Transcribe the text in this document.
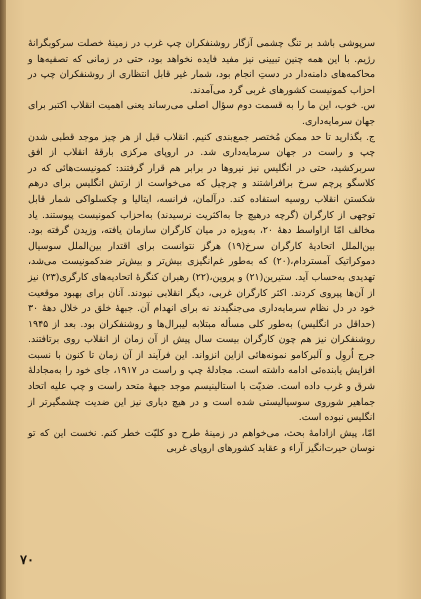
سرپوشی باشد بر تنگ چشمی آزگار روشنفکران چپ غرب در زمینهٔ خصلت سرکوبگرانهٔ رژیم. با این همه چنین تبیینی نیز مفید فایده نخواهد بود، حتی در زمانی که تصفیه‌ها و محاکمه‌های دامنه‌دار در دستِ انجام بود، شمار غیر قابل انتظاری از روشنفکران چپ در احزاب کمونیست کشورهای غربی گرد می‌آمدند.

س. خوب، این ما را به قسمت دوم سؤال اصلی می‌رساند یعنی اهمیت انقلاب اکتبر برای جهان سرمایه‌داری.

ج. بگذارید تا حد ممکن مُختصر جمع‌بندی کنیم. انقلاب قبل از هر چیز موجد قطبی شدن چپ و راست در جهان سرمایه‌داری شد. در اروپای مرکزی بارقهٔ انقلاب از افق سربرکشید، حتی در انگلیس نیز نیروها در برابر هم قرار گرفتند: کمونیست‌هائی که در کلاسگو پرچم سرخ برافراشتند و چرچیل که می‌خواست از ارتش انگلیس برای درهم شکستن انقلاب روسیه استفاده کند. درآلمان، فرانسه، ایتالیا و چکسلواکی شمار قابل توجهی از کارگران (گرچه درهیچ جا به‌اکثریت نرسیدند) به‌احزاب کمونیست پیوستند. یاد مخالف امّا ازاواسط دههٔ ۲۰، به‌ویژه در میان کارگران سازمان یافته، وزیدن گرفته بود. بین‌الملل اتحادیهٔ کارگران سرخ(۱۹) هرگز نتوانست برای اقتدار بین‌الملل سوسیال دموکراتیک آمستردام،(۲۰) که به‌طور غم‌انگیزی بیش‌تر و بیش‌تر ضدکمونیست می‌شد، تهدیدی به‌حساب آید. ستیرین(۲۱) و پروین،(۲۲) رهبران کنگرهٔ اتحادیه‌های کارگری(۲۳) نیز از آن‌ها پیروی کردند. اکثر کارگران غربی، دیگر انقلابی نبودند. آنان برای بهبود موقعیت خود در دل نظام سرمایه‌داری می‌جنگیدند نه برای انهدام آن. جبههٔ خلق در خلال دههٔ ۳۰ (حداقل در انگلیس) به‌طور کلی مسأله مبتلابه لیبرال‌ها و روشنفکران بود. بعد از ۱۹۴۵ روشنفکران نیز هم چون کارگران بیست سال پیش از آن زمان از انقلاب روی برتافتند. جرج اُروِل و آلبرکامو نمونه‌هائی ازاین انزواند. این فرآیند از آن زمان تا کنون با نسبت افزایش یابنده‌ئی ادامه داشته است. مجادلهٔ چپ و راست در ۱۹۱۷، جای خود را به‌مجادلهٔ شرق و غرب داده است. ضدیّت با استالینیسم موجد جبههٔ متحد راست و چپ علیه اتحاد جماهیر شوروی سوسیالیستی شده است و در هیچ دیاری نیز این ضدیت چشمگیرتر از انگلیس نبوده است.

امّا، پیش ازادامهٔ بحث، می‌خواهم در زمینهٔ طرح دو کلیّت خطر کنم. نخست این که تو نوسان حیرت‌انگیز آراء و عقاید کشورهای اروپای غربی

۷۰
